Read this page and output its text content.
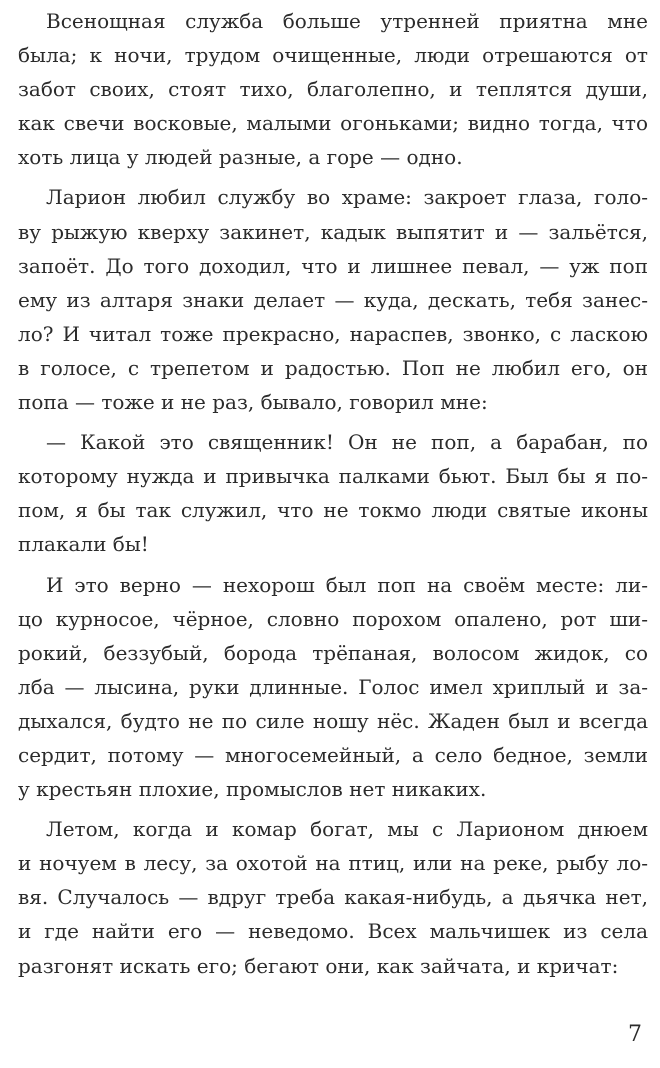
Всенощная служба больше утренней приятна мне
была; к ночи, трудом очищенные, люди отрешаются от
забот своих, стоят тихо, благолепно, и теплятся души,
как свечи восковые, малыми огоньками; видно тогда, что
хоть лица у людей разные, а горе — одно.
Ларион любил службу во храме: закроет глаза, голо-
ву рыжую кверху закинет, кадык выпятит и — зальётся,
запоёт. До того доходил, что и лишнее певал, — уж поп
ему из алтаря знаки делает — куда, дескать, тебя занес-
ло? И читал тоже прекрасно, нараспев, звонко, с ласкою
в голосе, с трепетом и радостью. Поп не любил его, он
попа — тоже и не раз, бывало, говорил мне:
— Какой это священник! Он не поп, а барабан, по
которому нужда и привычка палками бьют. Был бы я по-
пом, я бы так служил, что не токмо люди святые иконы
плакали бы!
И это верно — нехорош был поп на своём месте: ли-
цо курносое, чёрное, словно порохом опалено, рот ши-
рокий, беззубый, борода трёпаная, волосом жидок, со
лба — лысина, руки длинные. Голос имел хриплый и за-
дыхался, будто не по силе ношу нёс. Жаден был и всегда
сердит, потому — многосемейный, а село бедное, земли
у крестьян плохие, промыслов нет никаких.
Летом, когда и комар богат, мы с Ларионом днюем
и ночуем в лесу, за охотой на птиц, или на реке, рыбу ло-
вя. Случалось — вдруг треба какая-нибудь, а дьячка нет,
и где найти его — неведомо. Всех мальчишек из села
разгонят искать его; бегают они, как зайчата, и кричат:
7
